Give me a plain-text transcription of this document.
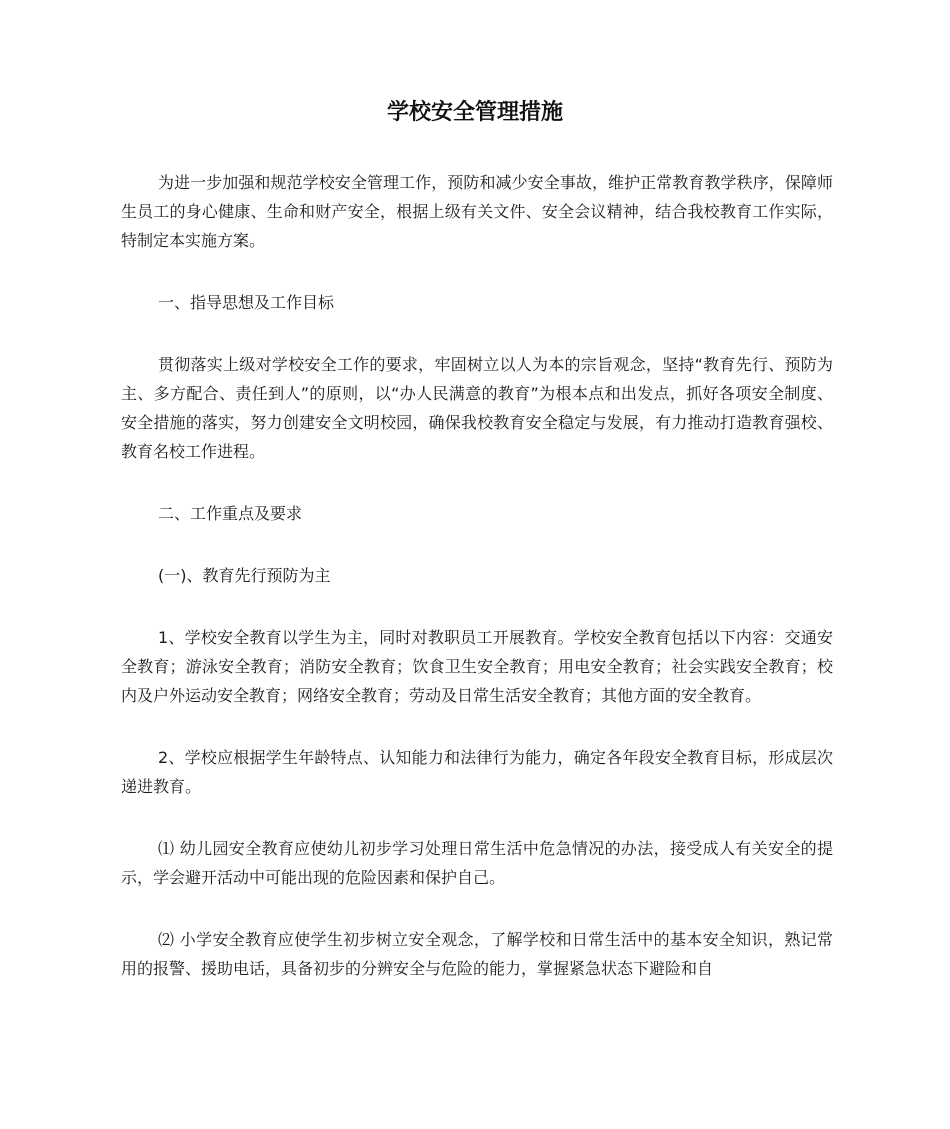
学校安全管理措施

为进一步加强和规范学校安全管理工作，预防和减少安全事故，维护正常教育教学秩序，保障师生员工的身心健康、生命和财产安全，根据上级有关文件、安全会议精神，结合我校教育工作实际，特制定本实施方案。

一、指导思想及工作目标

贯彻落实上级对学校安全工作的要求，牢固树立以人为本的宗旨观念，坚持“教育先行、预防为主、多方配合、责任到人”的原则，以“办人民满意的教育”为根本点和出发点，抓好各项安全制度、安全措施的落实，努力创建安全文明校园，确保我校教育安全稳定与发展，有力推动打造教育强校、教育名校工作进程。

二、工作重点及要求

(一)、教育先行预防为主

1、学校安全教育以学生为主，同时对教职员工开展教育。学校安全教育包括以下内容：交通安全教育；游泳安全教育；消防安全教育；饮食卫生安全教育；用电安全教育；社会实践安全教育；校内及户外运动安全教育；网络安全教育；劳动及日常生活安全教育；其他方面的安全教育。

2、学校应根据学生年龄特点、认知能力和法律行为能力，确定各年段安全教育目标，形成层次递进教育。

⑴ 幼儿园安全教育应使幼儿初步学习处理日常生活中危急情况的办法，接受成人有关安全的提示，学会避开活动中可能出现的危险因素和保护自己。

⑵ 小学安全教育应使学生初步树立安全观念，了解学校和日常生活中的基本安全知识，熟记常用的报警、援助电话，具备初步的分辨安全与危险的能力，掌握紧急状态下避险和自
